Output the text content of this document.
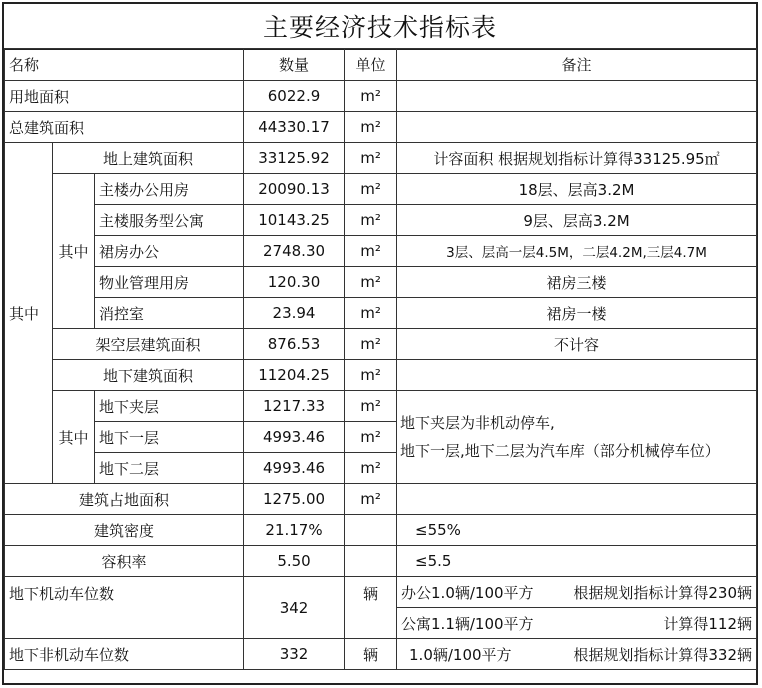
主要经济技术指标表
名称			数量	单位	备注
用地面积			6022.9	m²	
总建筑面积			44330.17	m²	
其中	地上建筑面积		33125.92	m²	计容面积 根据规划指标计算得33125.95㎡
	其中	主楼办公用房	20090.13	m²	18层、层高3.2M
		主楼服务型公寓	10143.25	m²	9层、层高3.2M
		裙房办公	2748.30	m²	3层、层高一层4.5M，二层4.2M,三层4.7M
		物业管理用房	120.30	m²	裙房三楼
		消控室	23.94	m²	裙房一楼
	架空层建筑面积		876.53	m²	不计容
	地下建筑面积		11204.25	m²	
	其中	地下夹层	1217.33	m²	地下夹层为非机动停车,
地下一层,地下二层为汽车库（部分机械停车位）

		地下一层	4993.46	m²	
		地下二层	4993.46	m²	
建筑占地面积			1275.00	m²	
建筑密度			21.17%		≤55%
容积率			5.50		≤5.5
地下机动车位数			342	辆	办公1.0辆/100平方 根据规划指标计算得230辆

					公寓1.1辆/100平方 计算得112辆

地下非机动车位数			332	辆	1.0辆/100平方 根据规划指标计算得332辆
